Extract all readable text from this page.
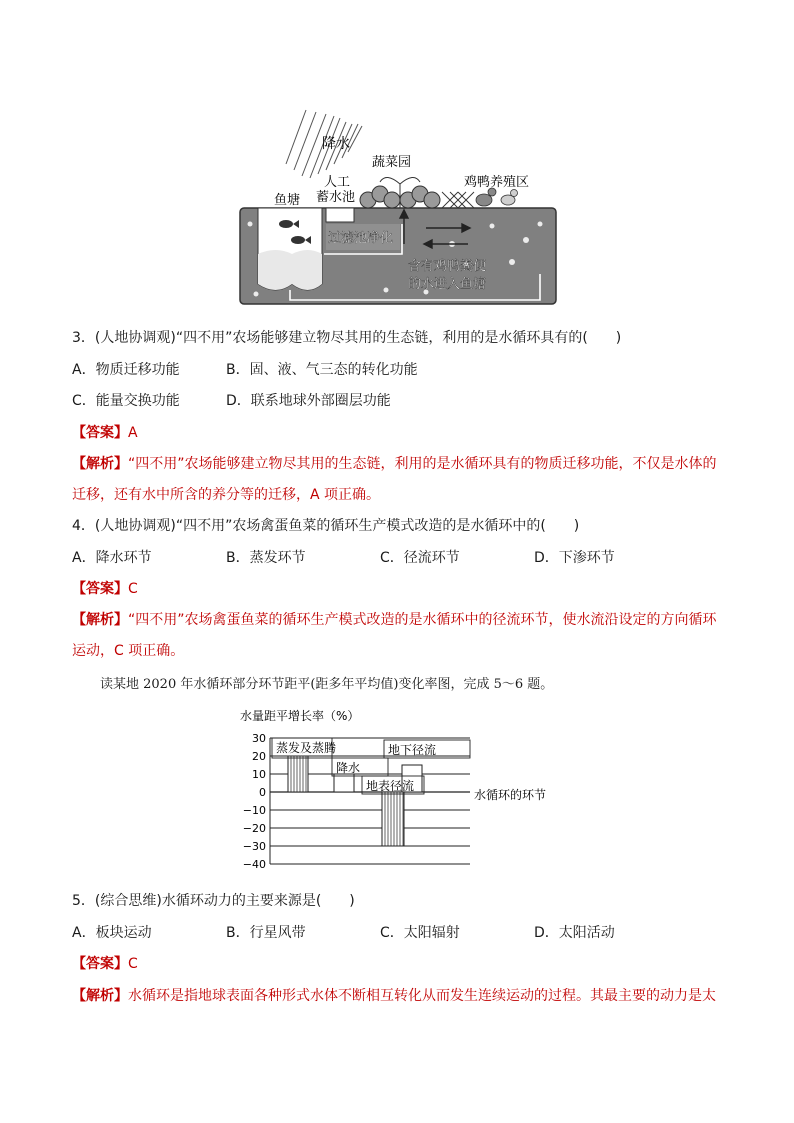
降水
蔬菜园
人工
蓄水池
鱼塘
鸡鸭养殖区
过滤池净化
含有鸡鸭粪便
的水进入鱼塘
3．(人地协调观)“四不用”农场能够建立物尽其用的生态链，利用的是水循环具有的(　　)
A．物质迁移功能	B．固、液、气三态的转化功能
C．能量交换功能	D．联系地球外部圈层功能
【答案】A
【解析】“四不用”农场能够建立物尽其用的生态链，利用的是水循环具有的物质迁移功能，不仅是水体的
迁移，还有水中所含的养分等的迁移，A 项正确。
4．(人地协调观)“四不用”农场禽蛋鱼菜的循环生产模式改造的是水循环中的(　　)
A．降水环节	B．蒸发环节	C．径流环节	D．下渗环节
【答案】C
【解析】“四不用”农场禽蛋鱼菜的循环生产模式改造的是水循环中的径流环节，使水流沿设定的方向循环
运动，C 项正确。
读某地 2020 年水循环部分环节距平(距多年平均值)变化率图，完成 5～6 题。
水量距平增长率（%）
水循环的环节
30
20
10
0
−10
−20
−30
−40
蒸发及蒸腾
降水
地表径流
地下径流
5．(综合思维)水循环动力的主要来源是(　　)
A．板块运动	B．行星风带	C．太阳辐射	D．太阳活动
【答案】C
【解析】水循环是指地球表面各种形式水体不断相互转化从而发生连续运动的过程。其最主要的动力是太
